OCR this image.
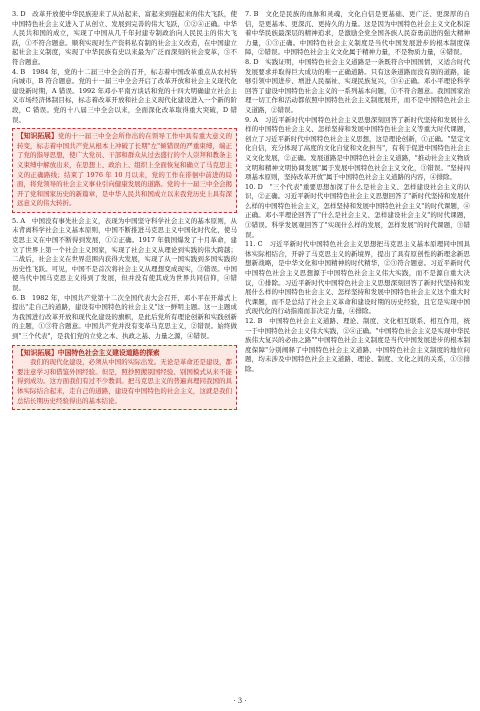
3. D　改革开放使中华民族迎来了从站起来、富起来到强起来的伟大飞跃，使中国特色社会主义进入了从创立、发展到完善的伟大飞跃，①②④正确。中华人民共和国的成立，实现了中国从几千年封建专制政治向人民民主的伟大飞跃，①不符合题意。顺利实现对生产资料私有制的社会主义改造，在中国建立起社会主义制度，实现了中华民族有史以来最为广泛而深刻的社会变革，③不符合题意。

4. B　1984 年，党的十二届三中全会的召开，标志着中国改革重点从农村转向城市，B 符合题意。党的十一届三中全会开启了改革开放和社会主义现代化建设新时期，A 错误。1992 年邓小平南方谈话和党的十四大明确建立社会主义市场经济体制目标，标志着改革开放和社会主义现代化建设进入一个新的阶段，C 错误。党的十八届三中全会以来，全面深化改革取得重大突破，D 错误。

【知识拓展】党的十一届三中全会所作出的在领导工作中具有重大意义的转变，标志着中国共产党从根本上冲破了长期"左"倾错误的严重束缚，端正了党的指导思想，使广大党员、干部和群众从过去盛行的个人崇拜和教条主义束缚中解放出来，在思想上、政治上、组织上全面恢复和确立了马克思主义的正确路线；结束了 1976 年 10 月以来，党的工作在徘徊中前进的局面，将党领导的社会主义事业引向健康发展的道路。党的十一届三中全会揭开了党和国家历史的新篇章，是中华人民共和国成立以来我党历史上具有深远意义的伟大转折。

5. A　中国没有事先社会主义，表现为中国坚守科学社会主义的基本原则，从未背离科学社会主义基本原则，中国不断推进马克思主义中国化时代化，使马克思主义在中国不断得到发展，①②正确。1917 年俄国爆发了十月革命，建立了世界上第一个社会主义国家，实现了社会主义从理论到实践的伟大跨越；二战后，社会主义在世界范围内获得大发展，实现了从一国实践到多国实践的历史性飞跃。可见，中国不是首次将社会主义从理想变成现实，③错误。中国使当代中国马克思主义得到了发展，但并没有使其成为世界共同信仰，④错误。

6. B　1982 年，中国共产党第十二次全国代表大会召开，邓小平在开幕式上提出"走自己的道路，建设有中国特色的社会主义"这一鲜明主题。这一主题成为我国进行改革开放和现代化建设的旗帜，是此后党所有理论创新和实践创新的主题，①③符合题意。中国共产党并没有变革马克思主义，②错误。始终做到"三个代表"，是我们党的立党之本、执政之基、力量之源，④错误。

【知识拓展】中国特色社会主义建设道路的探索

我们的现代化建设，必须从中国的实际出发。无论是革命还是建设，都要注意学习和借鉴外国经验。但是，照抄照搬别国经验、别国模式从来不能得到成功。这方面我们有过不少教训。把马克思主义的普遍真理同我国的具体实际结合起来，走自己的道路，建设有中国特色的社会主义，这就是我们总结长期历史经验得出的基本结论。

7. B　文化是民族的血脉和灵魂，文化自信是更基础、更广泛、更深厚的自信，是更基本、更深沉、更持久的力量。这是因为中国特色社会主义文化积淀着中华民族最深层的精神追求，是激励全党全国各族人民奋勇前进的强大精神力量，①③正确。中国特色社会主义制度是当代中国发展进步的根本制度保障，②错误。中国特色社会主义文化属于精神力量，不是物质力量，④错误。

8. D　实践证明，中国特色社会主义道路是一条既符合中国国情，又适合时代发展要求并取得巨大成功的唯一正确道路。只有这条道路而没有别的道路，能够引领中国进步、增进人民福祉、实现民族复兴，③④正确。邓小平理论科学回答了建设中国特色社会主义的一系列基本问题，①不符合题意。我国国家治理一切工作和活动都依照中国特色社会主义制度展开，而不是中国特色社会主义道路，②错误。

9. A　习近平新时代中国特色社会主义思想深刻回答了新时代坚持和发展什么样的中国特色社会主义、怎样坚持和发展中国特色社会主义等重大时代课题，创立了习近平新时代中国特色社会主义思想，这是理论创新，①正确。"坚定文化自信，充分体现了高度的文化自觉和文化担当"，有利于促进中国特色社会主义文化发展，②正确。发展道路是中国特色社会主义道路，"推动社会主义物质文明和精神文明协调发展"属于发展中国特色社会主义文化，③错误。"坚持四项基本原则，坚持改革开放"属于中国特色社会主义道路的内容，④排除。

10. D　"三个代表"重要思想加深了什么是社会主义、怎样建设社会主义的认识，②正确。习近平新时代中国特色社会主义思想回答了"新时代坚持和发展什么样的中国特色社会主义，怎样坚持和发展中国特色社会主义"的时代课题，④正确。邓小平理论回答了"什么是社会主义、怎样建设社会主义"的时代课题，①错误。科学发展观回答了"实现什么样的发展，怎样发展"的时代课题，③错误。

11. C　习近平新时代中国特色社会主义思想把马克思主义基本原理同中国具体实际相结合，开辟了马克思主义的新境界，提出了具有原创性的新理念新思想新战略，是中华文化和中国精神的时代精华，②③符合题意。习近平新时代中国特色社会主义思想源于中国特色社会主义伟大实践，而不是源自重大决议，①排除。习近平新时代中国特色社会主义思想深刻回答了新时代坚持和发展什么样的中国特色社会主义、怎样坚持和发展中国特色社会主义这个重大时代课题，而不是总结了社会主义革命和建设时期的历史经验，且它是实现中国式现代化的行动指南而非决定力量，④排除。

12. B　中国特色社会主义道路、理论、制度、文化相互联系、相互作用，统一于中国特色社会主义伟大实践，②④正确。"中国特色社会主义是实现中华民族伟大复兴的必由之路""中国特色社会主义制度是当代中国发展进步的根本制度保障"分别阐释了中国特色社会主义道路、中国特色社会主义制度的地位问题，均未涉及中国特色社会主义道路、理论、制度、文化之间的关系，①③排除。

· 3 ·
